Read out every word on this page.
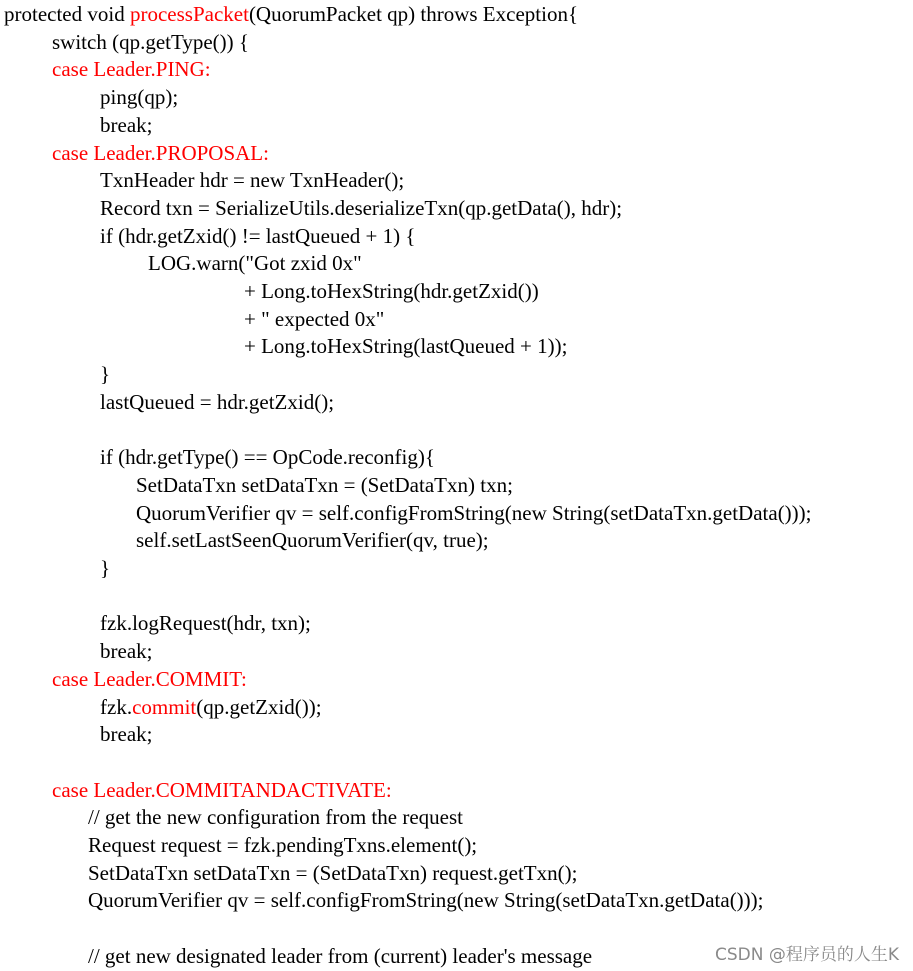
protected void processPacket(QuorumPacket qp) throws Exception{
switch (qp.getType()) {
case Leader.PING:
ping(qp);
break;
case Leader.PROPOSAL:
TxnHeader hdr = new TxnHeader();
Record txn = SerializeUtils.deserializeTxn(qp.getData(), hdr);
if (hdr.getZxid() != lastQueued + 1) {
LOG.warn("Got zxid 0x"
+ Long.toHexString(hdr.getZxid())
+ " expected 0x"
+ Long.toHexString(lastQueued + 1));
}
lastQueued = hdr.getZxid();
if (hdr.getType() == OpCode.reconfig){
SetDataTxn setDataTxn = (SetDataTxn) txn;
QuorumVerifier qv = self.configFromString(new String(setDataTxn.getData()));
self.setLastSeenQuorumVerifier(qv, true);
}
fzk.logRequest(hdr, txn);
break;
case Leader.COMMIT:
fzk.commit(qp.getZxid());
break;
case Leader.COMMITANDACTIVATE:
// get the new configuration from the request
Request request = fzk.pendingTxns.element();
SetDataTxn setDataTxn = (SetDataTxn) request.getTxn();
QuorumVerifier qv = self.configFromString(new String(setDataTxn.getData()));
// get new designated leader from (current) leader's message	CSDN @程序员的人生K
